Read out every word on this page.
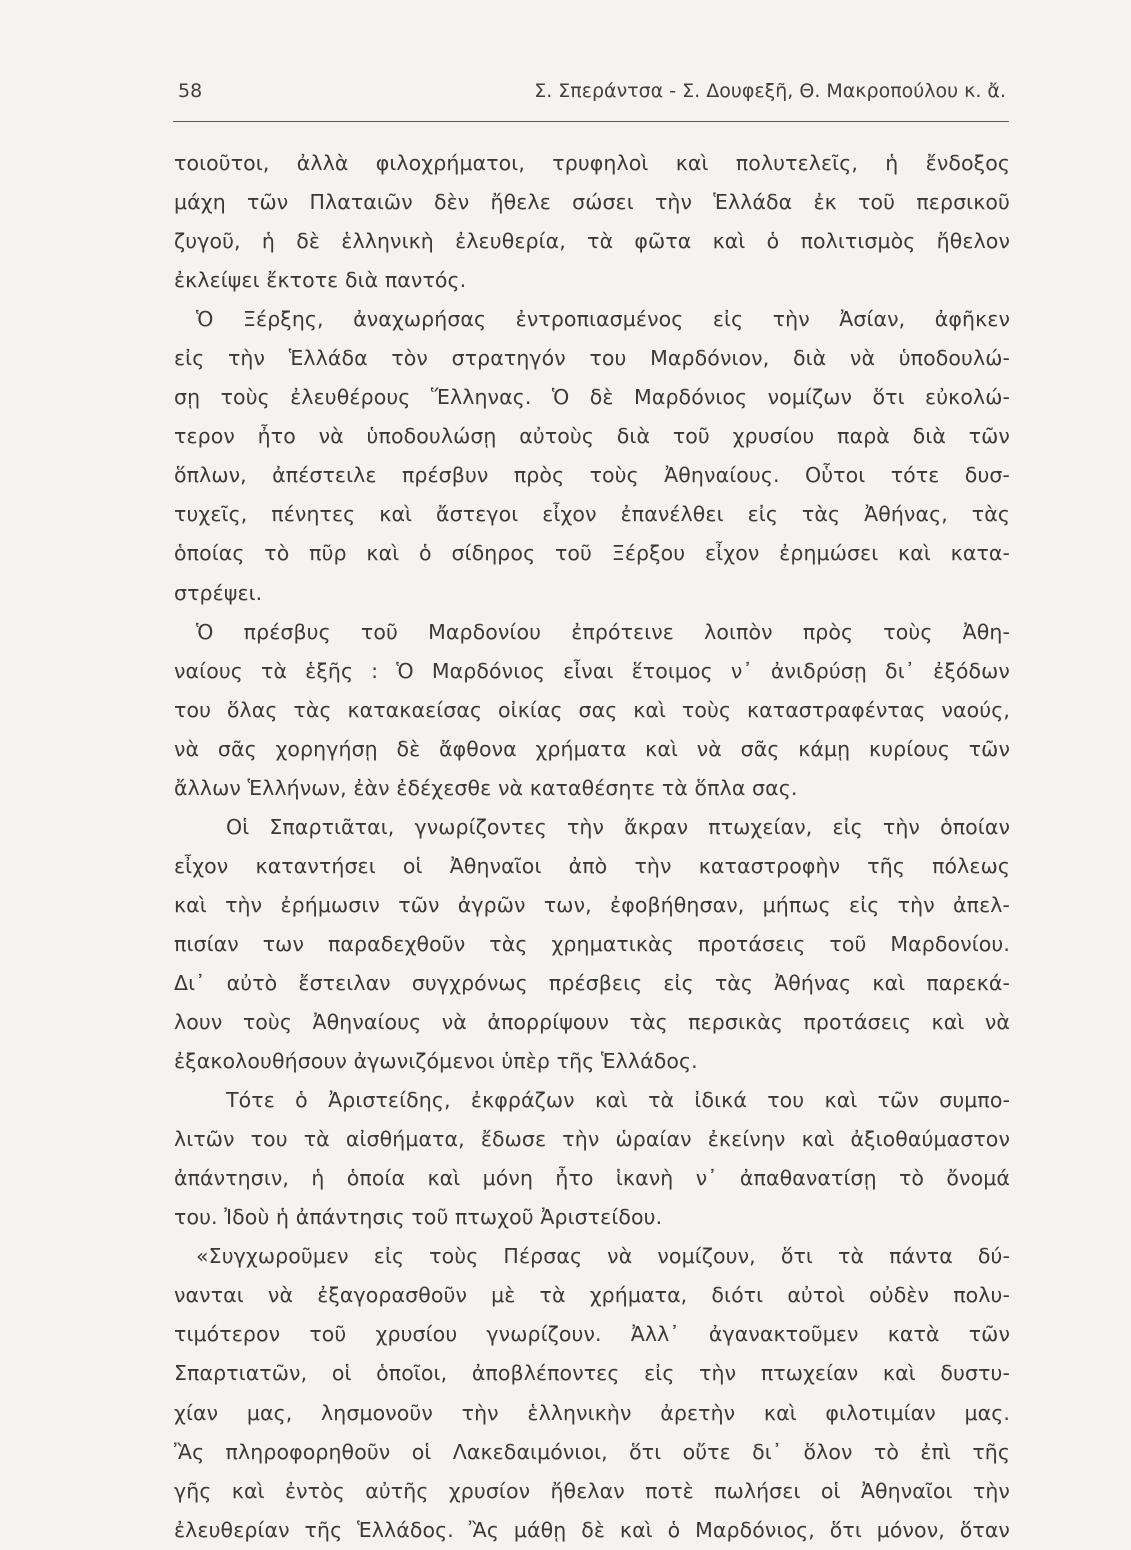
58	Σ. Σπεράντσα - Σ. Δουφεξῆ, Θ. Μακροπούλου κ. ἄ.
τοιοῦτοι, ἀλλὰ φιλοχρήματοι, τρυφηλοὶ καὶ πολυτελεῖς, ἡ ἔνδοξος
μάχη τῶν Πλαταιῶν δὲν ἤθελε σώσει τὴν Ἑλλάδα ἐκ τοῦ περσικοῦ
ζυγοῦ, ἡ δὲ ἑλληνικὴ ἐλευθερία, τὰ φῶτα καὶ ὁ πολιτισμὸς ἤθελον
ἐκλείψει ἔκτοτε διὰ παντός.
Ὁ Ξέρξης, ἀναχωρήσας ἐντροπιασμένος εἰς τὴν Ἀσίαν, ἀφῆκεν
εἰς τὴν Ἑλλάδα τὸν στρατηγόν του Μαρδόνιον, διὰ νὰ ὑποδουλώ-
σῃ τοὺς ἐλευθέρους Ἕλληνας. Ὁ δὲ Μαρδόνιος νομίζων ὅτι εὐκολώ-
τερον ἦτο νὰ ὑποδουλώσῃ αὐτοὺς διὰ τοῦ χρυσίου παρὰ διὰ τῶν
ὅπλων, ἀπέστειλε πρέσβυν πρὸς τοὺς Ἀθηναίους. Οὗτοι τότε δυσ-
τυχεῖς, πένητες καὶ ἄστεγοι εἶχον ἐπανέλθει εἰς τὰς Ἀθήνας, τὰς
ὁποίας τὸ πῦρ καὶ ὁ σίδηρος τοῦ Ξέρξου εἶχον ἐρημώσει καὶ κατα-
στρέψει.
Ὁ πρέσβυς τοῦ Μαρδονίου ἐπρότεινε λοιπὸν πρὸς τοὺς Ἀθη-
ναίους τὰ ἑξῆς : Ὁ Μαρδόνιος εἶναι ἕτοιμος ν᾽ ἀνιδρύσῃ δι᾽ ἐξόδων
του ὅλας τὰς κατακαείσας οἰκίας σας καὶ τοὺς καταστραφέντας ναούς,
νὰ σᾶς χορηγήσῃ δὲ ἄφθονα χρήματα καὶ νὰ σᾶς κάμῃ κυρίους τῶν
ἄλλων Ἑλλήνων, ἐὰν ἐδέχεσθε νὰ καταθέσητε τὰ ὅπλα σας.
Οἱ Σπαρτιᾶται, γνωρίζοντες τὴν ἄκραν πτωχείαν, εἰς τὴν ὁποίαν
εἶχον καταντήσει οἱ Ἀθηναῖοι ἀπὸ τὴν καταστροφὴν τῆς πόλεως
καὶ τὴν ἐρήμωσιν τῶν ἀγρῶν των, ἐφοβήθησαν, μήπως εἰς τὴν ἀπελ-
πισίαν των παραδεχθοῦν τὰς χρηματικὰς προτάσεις τοῦ Μαρδονίου.
Δι᾽ αὐτὸ ἔστειλαν συγχρόνως πρέσβεις εἰς τὰς Ἀθήνας καὶ παρεκά-
λουν τοὺς Ἀθηναίους νὰ ἀπορρίψουν τὰς περσικὰς προτάσεις καὶ νὰ
ἐξακολουθήσουν ἀγωνιζόμενοι ὑπὲρ τῆς Ἑλλάδος.
Τότε ὁ Ἀριστείδης, ἐκφράζων καὶ τὰ ἰδικά του καὶ τῶν συμπο-
λιτῶν του τὰ αἰσθήματα, ἔδωσε τὴν ὡραίαν ἐκείνην καὶ ἀξιοθαύμαστον
ἀπάντησιν, ἡ ὁποία καὶ μόνη ἦτο ἱκανὴ ν᾽ ἀπαθανατίσῃ τὸ ὄνομά
του. Ἰδοὺ ἡ ἀπάντησις τοῦ πτωχοῦ Ἀριστείδου.
«Συγχωροῦμεν εἰς τοὺς Πέρσας νὰ νομίζουν, ὅτι τὰ πάντα δύ-
νανται νὰ ἐξαγορασθοῦν μὲ τὰ χρήματα, διότι αὐτοὶ οὐδὲν πολυ-
τιμότερον τοῦ χρυσίου γνωρίζουν. Ἀλλ᾽ ἀγανακτοῦμεν κατὰ τῶν
Σπαρτιατῶν, οἱ ὁποῖοι, ἀποβλέποντες εἰς τὴν πτωχείαν καὶ δυστυ-
χίαν μας, λησμονοῦν τὴν ἑλληνικὴν ἀρετὴν καὶ φιλοτιμίαν μας.
Ἂς πληροφορηθοῦν οἱ Λακεδαιμόνιοι, ὅτι οὔτε δι᾽ ὅλον τὸ ἐπὶ τῆς
γῆς καὶ ἐντὸς αὐτῆς χρυσίον ἤθελαν ποτὲ πωλήσει οἱ Ἀθηναῖοι τὴν
ἐλευθερίαν τῆς Ἑλλάδος. Ἂς μάθῃ δὲ καὶ ὁ Μαρδόνιος, ὅτι μόνον, ὅταν
